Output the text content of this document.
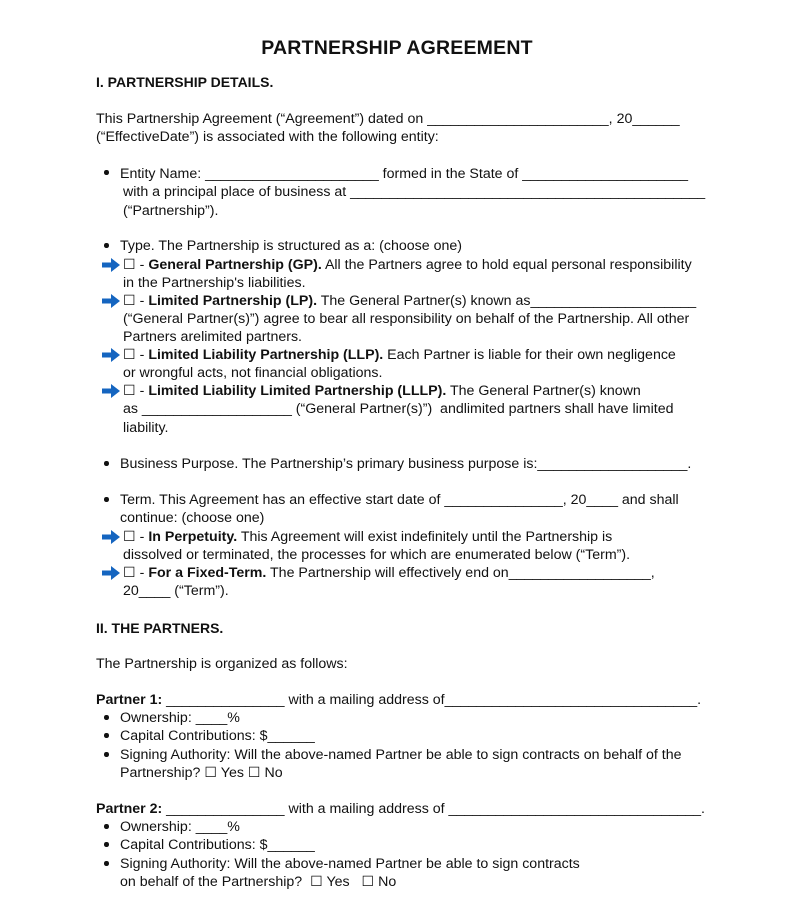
PARTNERSHIP AGREEMENT
I. PARTNERSHIP DETAILS.
This Partnership Agreement (“Agreement”) dated on _______________________, 20______
(“EffectiveDate”) is associated with the following entity:
Entity Name: ______________________ formed in the State of _____________________
with a principal place of business at _____________________________________________
(“Partnership”).
Type. The Partnership is structured as a: (choose one)
☐ - General Partnership (GP). All the Partners agree to hold equal personal responsibility
in the Partnership's liabilities.
☐ - Limited Partnership (LP). The General Partner(s) known as_____________________
(“General Partner(s)”) agree to bear all responsibility on behalf of the Partnership. All other
Partners arelimited partners.
☐ - Limited Liability Partnership (LLP). Each Partner is liable for their own negligence
or wrongful acts, not financial obligations.
☐ - Limited Liability Limited Partnership (LLLP). The General Partner(s) known
as ___________________ (“General Partner(s)”)  andlimited partners shall have limited
liability.
Business Purpose. The Partnership’s primary business purpose is:___________________.
Term. This Agreement has an effective start date of _______________, 20____ and shall
continue: (choose one)
☐ - In Perpetuity. This Agreement will exist indefinitely until the Partnership is
dissolved or terminated, the processes for which are enumerated below (“Term”).
☐ - For a Fixed-Term. The Partnership will effectively end on__________________,
20____ (“Term”).
II. THE PARTNERS.
The Partnership is organized as follows:
Partner 1: _______________ with a mailing address of________________________________.
Ownership: ____%
Capital Contributions: $______
Signing Authority: Will the above-named Partner be able to sign contracts on behalf of the
Partnership? ☐ Yes ☐ No
Partner 2: _______________ with a mailing address of ________________________________.
Ownership: ____%
Capital Contributions: $______
Signing Authority: Will the above-named Partner be able to sign contracts
on behalf of the Partnership?  ☐ Yes   ☐ No
